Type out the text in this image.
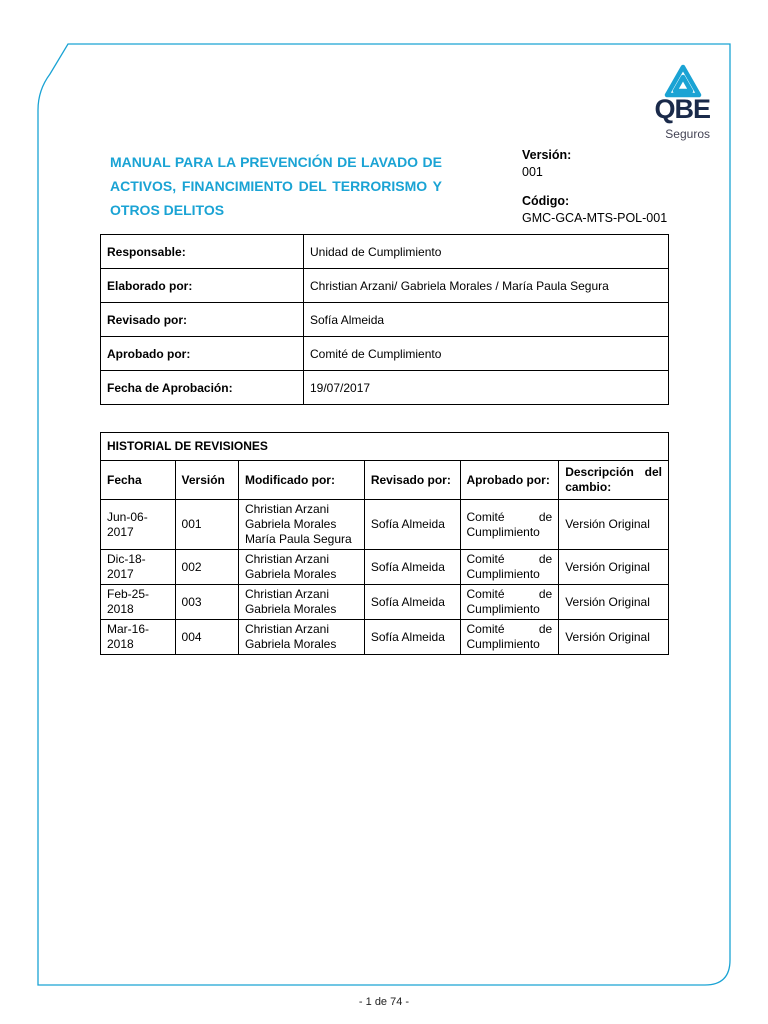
QBE
Seguros
MANUAL PARA LA PREVENCIÓN DE LAVADO DE ACTIVOS, FINANCIMIENTO DEL TERRORISMO Y OTROS DELITOS
Versión:
001
Código:
GMC-GCA-MTS-POL-001
Responsable:	Unidad de Cumplimiento
Elaborado por:	Christian Arzani/ Gabriela Morales / María Paula Segura
Revisado por:	Sofía Almeida
Aprobado por:	Comité de Cumplimiento
Fecha de Aprobación:	19/07/2017
HISTORIAL DE REVISIONES					
Fecha	Versión	Modificado por:	Revisado por:	Aprobado por:	Descripción del cambio:
Jun-06-2017	001	Christian Arzani Gabriela Morales María Paula Segura	Sofía Almeida	Comité de Cumplimiento	Versión Original
Dic-18-2017	002	Christian Arzani Gabriela Morales	Sofía Almeida	Comité de Cumplimiento	Versión Original
Feb-25-2018	003	Christian Arzani Gabriela Morales	Sofía Almeida	Comité de Cumplimiento	Versión Original
Mar-16-2018	004	Christian Arzani Gabriela Morales	Sofía Almeida	Comité de Cumplimiento	Versión Original
- 1 de 74 -
